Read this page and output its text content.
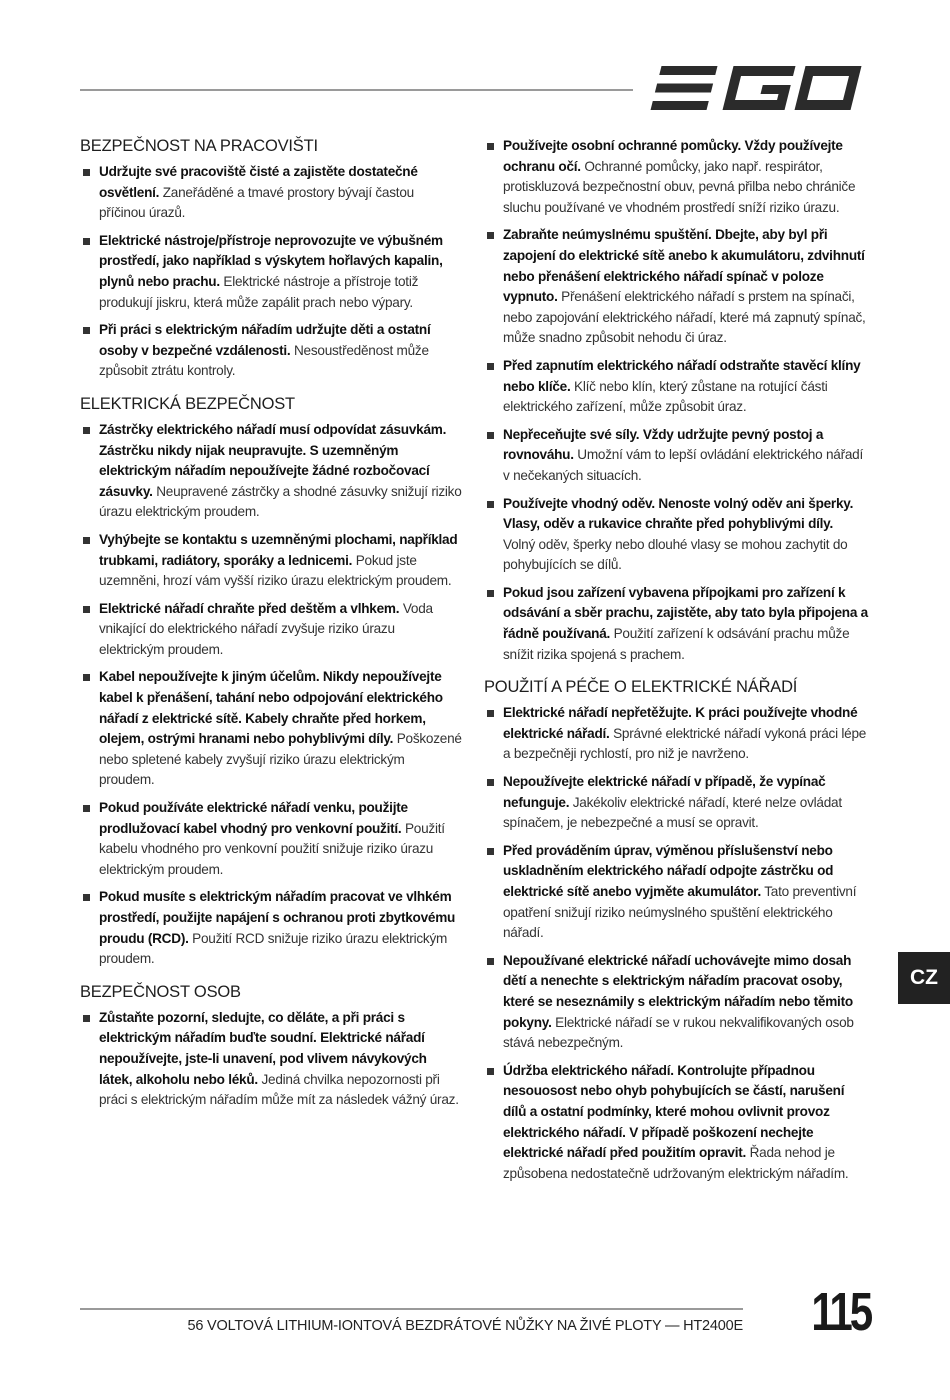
BEZPEČNOST NA PRACOVIŠTI
Udržujte své pracoviště čisté a zajistěte dostatečné osvětlení. Zaneřáděné a tmavé prostory bývají častou příčinou úrazů.
Elektrické nástroje/přístroje neprovozujte ve výbušném prostředí, jako například s výskytem hořlavých kapalin, plynů nebo prachu. Elektrické nástroje a přístroje totiž produkují jiskru, která může zapálit prach nebo výpary.
Při práci s elektrickým nářadím udržujte děti a ostatní osoby v bezpečné vzdálenosti. Nesoustředěnost může způsobit ztrátu kontroly.
ELEKTRICKÁ BEZPEČNOST
Zástrčky elektrického nářadí musí odpovídat zásuvkám. Zástrčku nikdy nijak neupravujte. S uzemněným elektrickým nářadím nepoužívejte žádné rozbočovací zásuvky. Neupravené zástrčky a shodné zásuvky snižují riziko úrazu elektrickým proudem.
Vyhýbejte se kontaktu s uzemněnými plochami, například trubkami, radiátory, sporáky a lednicemi. Pokud jste uzemněni, hrozí vám vyšší riziko úrazu elektrickým proudem.
Elektrické nářadí chraňte před deštěm a vlhkem. Voda vnikající do elektrického nářadí zvyšuje riziko úrazu elektrickým proudem.
Kabel nepoužívejte k jiným účelům. Nikdy nepoužívejte kabel k přenášení, tahání nebo odpojování elektrického nářadí z elektrické sítě. Kabely chraňte před horkem, olejem, ostrými hranami nebo pohyblivými díly. Poškozené nebo spletené kabely zvyšují riziko úrazu elektrickým proudem.
Pokud používáte elektrické nářadí venku, použijte prodlužovací kabel vhodný pro venkovní použití. Použití kabelu vhodného pro venkovní použití snižuje riziko úrazu elektrickým proudem.
Pokud musíte s elektrickým nářadím pracovat ve vlhkém prostředí, použijte napájení s ochranou proti zbytkovému proudu (RCD). Použití RCD snižuje riziko úrazu elektrickým proudem.
BEZPEČNOST OSOB
Zůstaňte pozorní, sledujte, co děláte, a při práci s elektrickým nářadím buďte soudní. Elektrické nářadí nepoužívejte, jste-li unavení, pod vlivem návykových látek, alkoholu nebo léků. Jediná chvilka nepozornosti při práci s elektrickým nářadím může mít za následek vážný úraz.
Používejte osobní ochranné pomůcky. Vždy používejte ochranu očí. Ochranné pomůcky, jako např. respirátor, protiskluzová bezpečnostní obuv, pevná přilba nebo chrániče sluchu používané ve vhodném prostředí sníží riziko úrazu.
Zabraňte neúmyslnému spuštění. Dbejte, aby byl při zapojení do elektrické sítě anebo k akumulátoru, zdvihnutí nebo přenášení elektrického nářadí spínač v poloze vypnuto. Přenášení elektrického nářadí s prstem na spínači, nebo zapojování elektrického nářadí, které má zapnutý spínač, může snadno způsobit nehodu či úraz.
Před zapnutím elektrického nářadí odstraňte stavěcí klíny nebo klíče. Klíč nebo klín, který zůstane na rotující části elektrického zařízení, může způsobit úraz.
Nepřeceňujte své síly. Vždy udržujte pevný postoj a rovnováhu. Umožní vám to lepší ovládání elektrického nářadí v nečekaných situacích.
Používejte vhodný oděv. Nenoste volný oděv ani šperky. Vlasy, oděv a rukavice chraňte před pohyblivými díly. Volný oděv, šperky nebo dlouhé vlasy se mohou zachytit do pohybujících se dílů.
Pokud jsou zařízení vybavena přípojkami pro zařízení k odsávání a sběr prachu, zajistěte, aby tato byla připojena a řádně používaná. Použití zařízení k odsávání prachu může snížit rizika spojená s prachem.
POUŽITÍ A PÉČE O ELEKTRICKÉ NÁŘADÍ
Elektrické nářadí nepřetěžujte. K práci používejte vhodné elektrické nářadí. Správné elektrické nářadí vykoná práci lépe a bezpečněji rychlostí, pro niž je navrženo.
Nepoužívejte elektrické nářadí v případě, že vypínač nefunguje. Jakékoliv elektrické nářadí, které nelze ovládat spínačem, je nebezpečné a musí se opravit.
Před prováděním úprav, výměnou příslušenství nebo uskladněním elektrického nářadí odpojte zástrčku od elektrické sítě anebo vyjměte akumulátor. Tato preventivní opatření snižují riziko neúmyslného spuštění elektrického nářadí.
Nepoužívané elektrické nářadí uchovávejte mimo dosah dětí a nenechte s elektrickým nářadím pracovat osoby, které se neseznámily s elektrickým nářadím nebo těmito pokyny. Elektrické nářadí se v rukou nekvalifikovaných osob stává nebezpečným.
Údržba elektrického nářadí. Kontrolujte případnou nesouosost nebo ohyb pohybujících se částí, narušení dílů a ostatní podmínky, které mohou ovlivnit provoz elektrického nářadí. V případě poškození nechejte elektrické nářadí před použitím opravit. Řada nehod je způsobena nedostatečně udržovaným elektrickým nářadím.
CZ
56 VOLTOVÁ LITHIUM-IONTOVÁ BEZDRÁTOVÉ NŮŽKY NA ŽIVÉ PLOTY — HT2400E 115
